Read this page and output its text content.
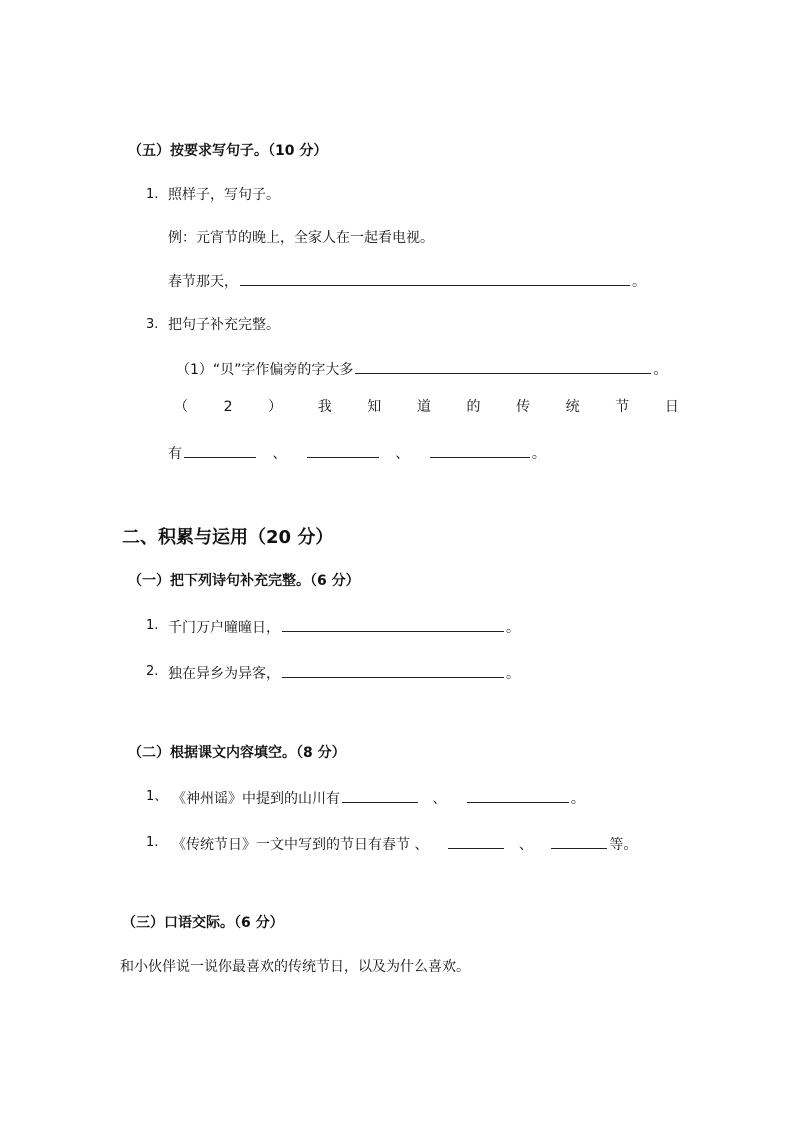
（五）按要求写句子。（10 分）
1. 照样子，写句子。
例：元宵节的晚上，全家人在一起看电视。
春节那天，	。
3. 把句子补充完整。
（1）“贝”字作偏旁的字大多	。
（	2	）	我	知	道	的	传	统	节	日
有	、	、	。
二、积累与运用（20 分）
（一）把下列诗句补充完整。（6 分）
1. 千门万户曈曈日，	。
2. 独在异乡为异客，	。
（二）根据课文内容填空。（8 分）
1、 《神州谣》中提到的山川有	、	。
1. 《传统节日》一文中写到的节日有春节 、	、	等。
（三）口语交际。（6 分）
和小伙伴说一说你最喜欢的传统节日，以及为什么喜欢。
